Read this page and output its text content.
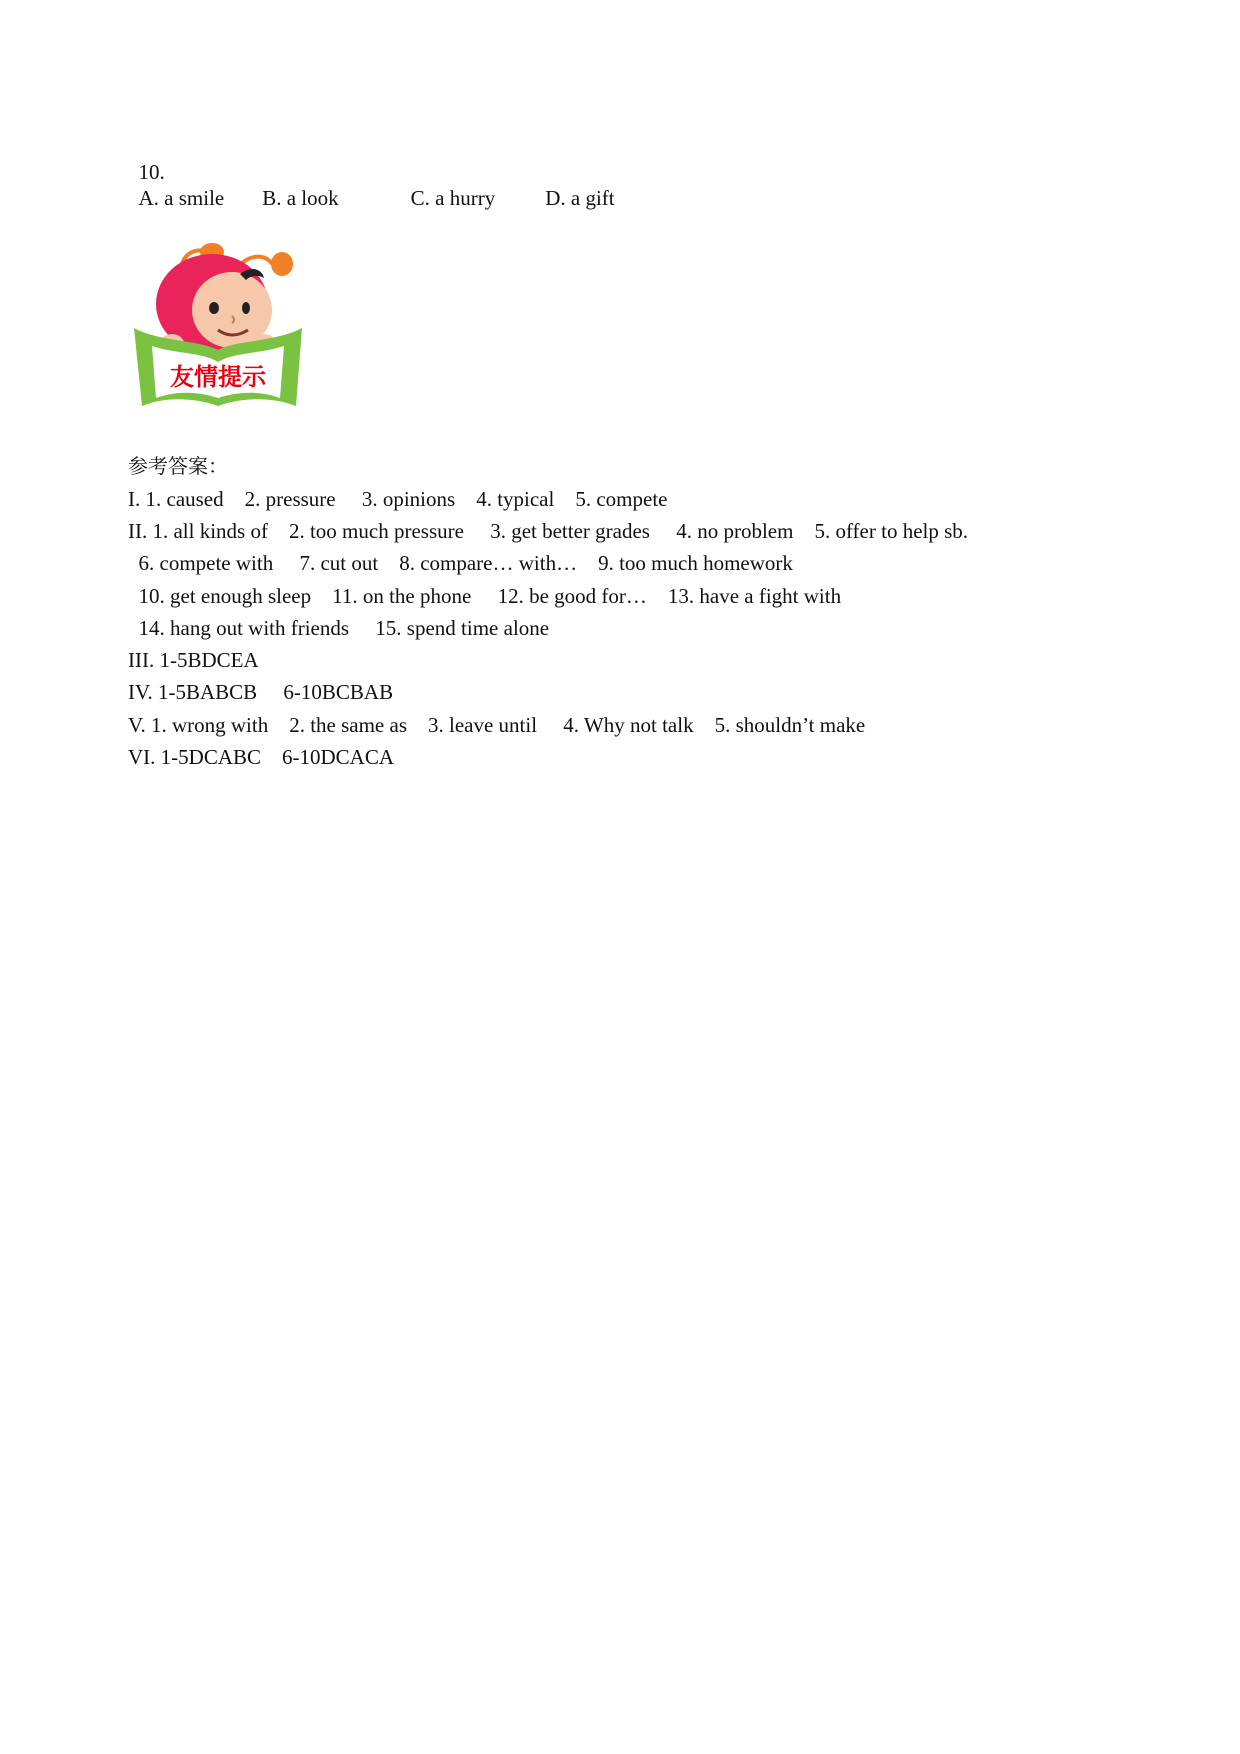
10.
A. a smile B. a look	C. a hurry D. a gift

友情提示
参考答案：
I. 1. caused    2. pressure     3. opinions    4. typical    5. compete
II. 1. all kinds of    2. too much pressure     3. get better grades     4. no problem    5. offer to help sb.
6. compete with     7. cut out    8. compare… with…    9. too much homework
10. get enough sleep    11. on the phone     12. be good for…    13. have a fight with
14. hang out with friends     15. spend time alone
III. 1-5BDCEA
IV. 1-5BABCB     6-10BCBAB
V. 1. wrong with    2. the same as    3. leave until     4. Why not talk    5. shouldn’t make
VI. 1-5DCABC    6-10DCACA
